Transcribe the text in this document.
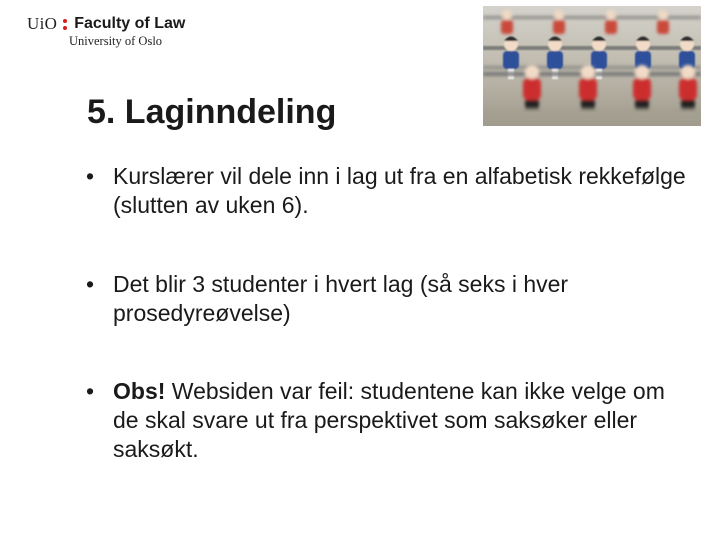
UiO Faculty of Law
University of Oslo
5. Laginndeling
• Kurslærer vil dele inn i lag ut fra en alfabetisk rekkefølge (slutten av uken 6).
• Det blir 3 studenter i hvert lag (så seks i hver prosedyreøvelse)
• Obs! Websiden var feil: studentene kan ikke velge om de skal svare ut fra perspektivet som saksøker eller saksøkt.
